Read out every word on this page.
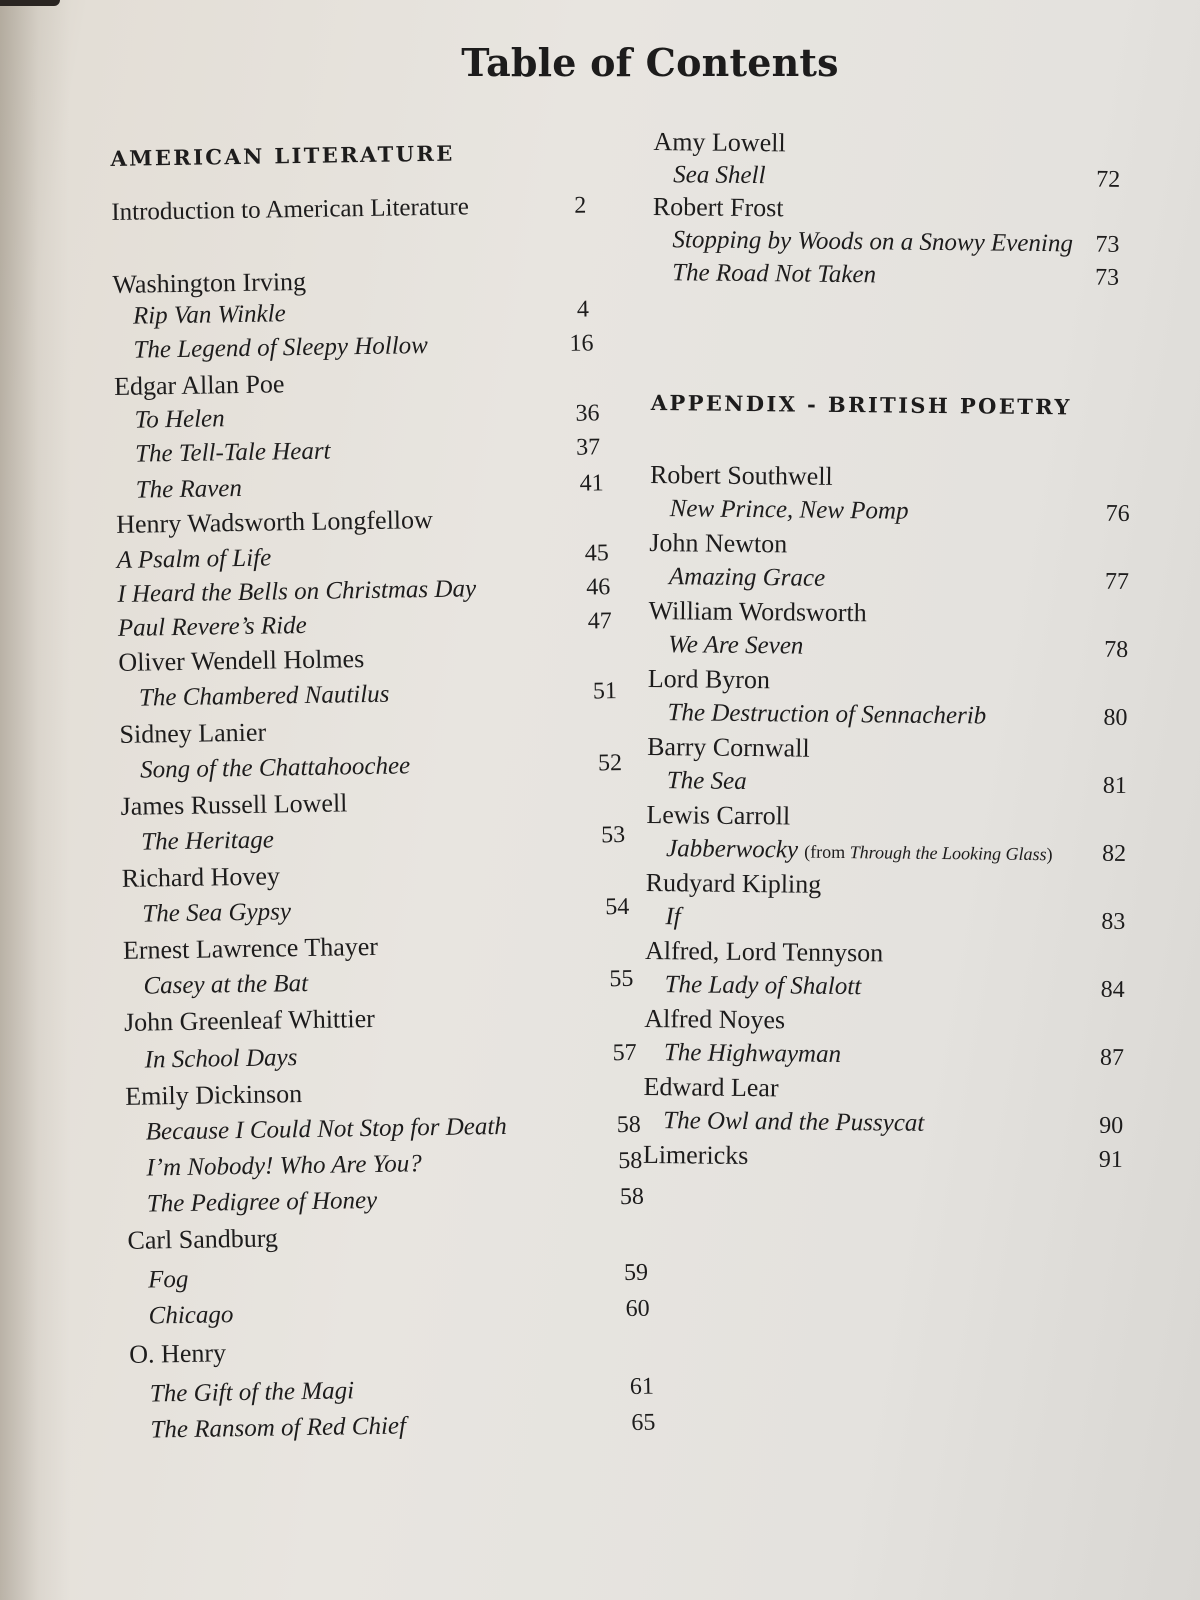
Table of Contents
AMERICAN LITERATURE
Introduction to American Literature	2
Washington Irving
Rip Van Winkle	4
The Legend of Sleepy Hollow	16
Edgar Allan Poe
To Helen	36
The Tell-Tale Heart	37
The Raven	41
Henry Wadsworth Longfellow
A Psalm of Life	45
I Heard the Bells on Christmas Day	46
Paul Revere’s Ride	47
Oliver Wendell Holmes
The Chambered Nautilus	51
Sidney Lanier
Song of the Chattahoochee	52
James Russell Lowell
The Heritage	53
Richard Hovey
The Sea Gypsy	54
Ernest Lawrence Thayer
Casey at the Bat	55
John Greenleaf Whittier
In School Days	57
Emily Dickinson
Because I Could Not Stop for Death	58
I’m Nobody! Who Are You?	58
The Pedigree of Honey	58
Carl Sandburg
Fog	59
Chicago	60
O. Henry
The Gift of the Magi	61
The Ransom of Red Chief	65
Amy Lowell
Sea Shell	72
Robert Frost
Stopping by Woods on a Snowy Evening 73
The Road Not Taken	73
APPENDIX - BRITISH POETRY
Robert Southwell
New Prince, New Pomp	76
John Newton
Amazing Grace	77
William Wordsworth
We Are Seven	78
Lord Byron
The Destruction of Sennacherib	80
Barry Cornwall
The Sea	81
Lewis Carroll
Jabberwocky (from Through the Looking Glass)	82
Rudyard Kipling
If	83
Alfred, Lord Tennyson
The Lady of Shalott	84
Alfred Noyes
The Highwayman	87
Edward Lear
The Owl and the Pussycat	90
Limericks	91
